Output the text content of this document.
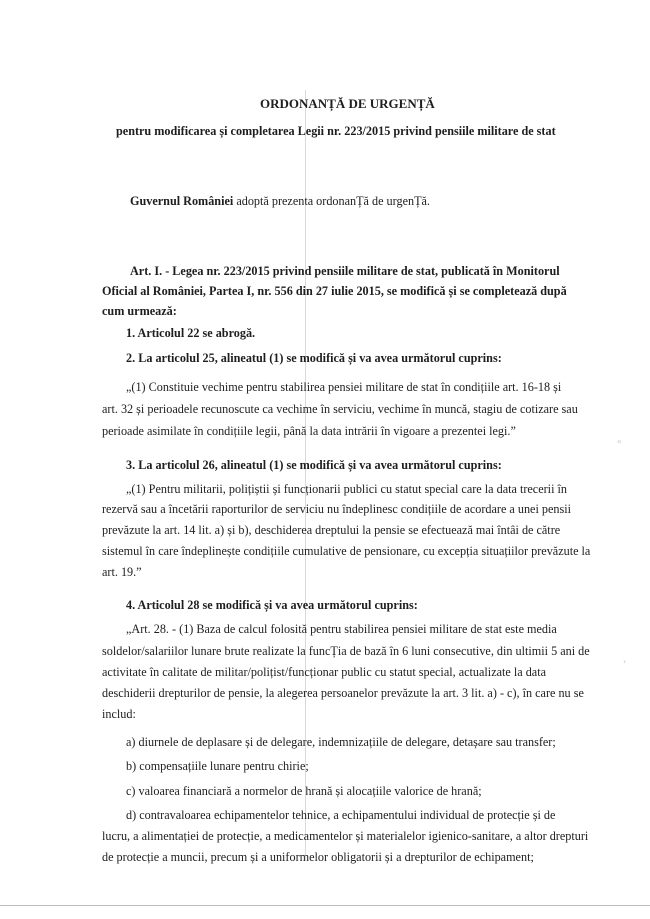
«
›
ORDONANȚĂ DE URGENȚĂ
pentru modificarea și completarea Legii nr. 223/2015 privind pensiile militare de stat
Guvernul României adoptă prezenta ordonanȚă de urgenȚă.
Art. I. - Legea nr. 223/2015 privind pensiile militare de stat, publicată în Monitorul
Oficial al României, Partea I, nr. 556 din 27 iulie 2015, se modifică și se completează după
cum urmează:
1. Articolul 22 se abrogă.
2. La articolul 25, alineatul (1) se modifică și va avea următorul cuprins:
„(1) Constituie vechime pentru stabilirea pensiei militare de stat în condițiile art. 16-18 și
art. 32 și perioadele recunoscute ca vechime în serviciu, vechime în muncă, stagiu de cotizare sau
perioade asimilate în condițiile legii, până la data intrării în vigoare a prezentei legi.”
3. La articolul 26, alineatul (1) se modifică și va avea următorul cuprins:
„(1) Pentru militarii, polițiștii și funcționarii publici cu statut special care la data trecerii în
rezervă sau a încetării raporturilor de serviciu nu îndeplinesc condițiile de acordare a unei pensii
prevăzute la art. 14 lit. a) și b), deschiderea dreptului la pensie se efectuează mai întâi de către
sistemul în care îndeplinește condițiile cumulative de pensionare, cu excepția situațiilor prevăzute la
art. 19.”
4. Articolul 28 se modifică și va avea următorul cuprins:
„Art. 28. - (1) Baza de calcul folosită pentru stabilirea pensiei militare de stat este media
soldelor/salariilor lunare brute realizate la funcȚia de bază în 6 luni consecutive, din ultimii 5 ani de
activitate în calitate de militar/polițist/funcționar public cu statut special, actualizate la data
deschiderii drepturilor de pensie, la alegerea persoanelor prevăzute la art. 3 lit. a) - c), în care nu se
includ:
a) diurnele de deplasare și de delegare, indemnizațiile de delegare, detașare sau transfer;
b) compensațiile lunare pentru chirie;
c) valoarea financiară a normelor de hrană și alocațiile valorice de hrană;
d) contravaloarea echipamentelor tehnice, a echipamentului individual de protecție și de
lucru, a alimentației de protecție, a medicamentelor și materialelor igienico-sanitare, a altor drepturi
de protecție a muncii, precum și a uniformelor obligatorii și a drepturilor de echipament;
